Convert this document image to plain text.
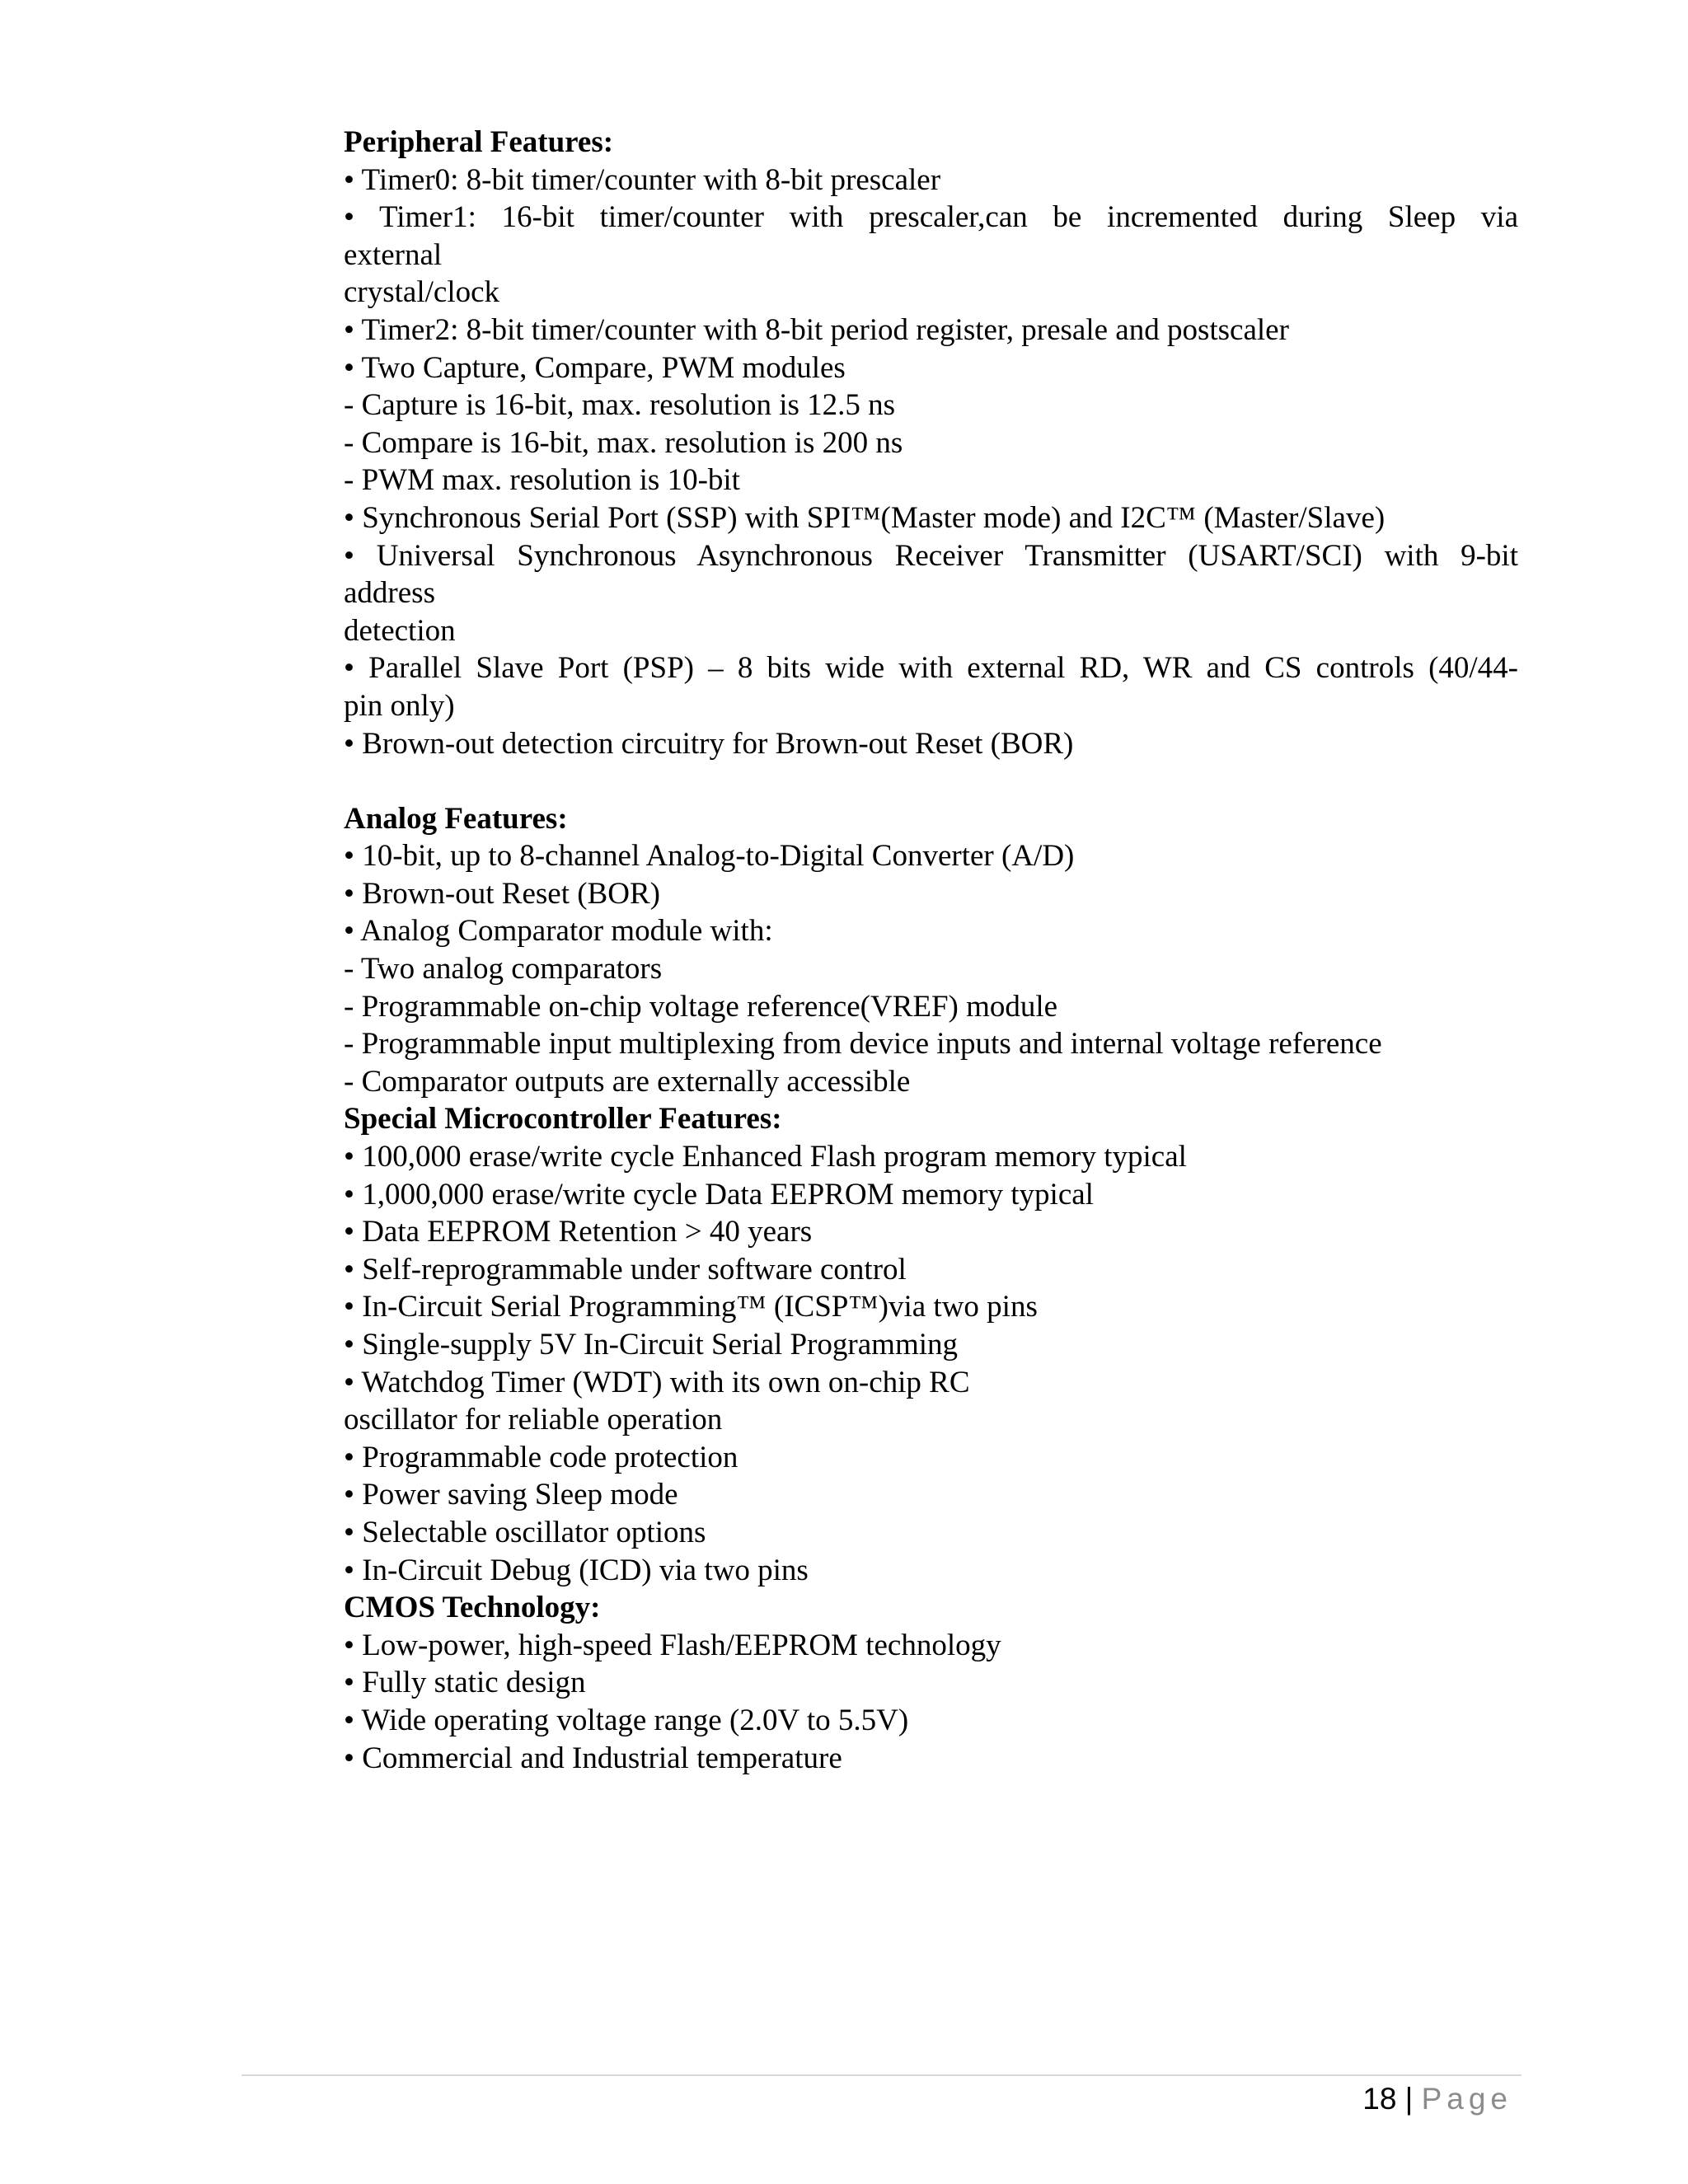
Peripheral Features:
• Timer0: 8-bit timer/counter with 8-bit prescaler
• Timer1: 16-bit timer/counter with prescaler,can be incremented during Sleep via
external
crystal/clock
• Timer2: 8-bit timer/counter with 8-bit period register, presale and postscaler
• Two Capture, Compare, PWM modules
- Capture is 16-bit, max. resolution is 12.5 ns
- Compare is 16-bit, max. resolution is 200 ns
- PWM max. resolution is 10-bit
• Synchronous Serial Port (SSP) with SPI™(Master mode) and I2C™ (Master/Slave)
• Universal Synchronous Asynchronous Receiver Transmitter (USART/SCI) with 9-bit
address
detection
• Parallel Slave Port (PSP) – 8 bits wide with external RD, WR and CS controls (40/44-
pin only)
• Brown-out detection circuitry for Brown-out Reset (BOR)
Analog Features:
• 10-bit, up to 8-channel Analog-to-Digital Converter (A/D)
• Brown-out Reset (BOR)
• Analog Comparator module with:
- Two analog comparators
- Programmable on-chip voltage reference(VREF) module
- Programmable input multiplexing from device inputs and internal voltage reference
- Comparator outputs are externally accessible
Special Microcontroller Features:
• 100,000 erase/write cycle Enhanced Flash program memory typical
• 1,000,000 erase/write cycle Data EEPROM memory typical
• Data EEPROM Retention > 40 years
• Self-reprogrammable under software control
• In-Circuit Serial Programming™ (ICSP™)via two pins
• Single-supply 5V In-Circuit Serial Programming
• Watchdog Timer (WDT) with its own on-chip RC
oscillator for reliable operation
• Programmable code protection
• Power saving Sleep mode
• Selectable oscillator options
• In-Circuit Debug (ICD) via two pins
CMOS Technology:
• Low-power, high-speed Flash/EEPROM technology
• Fully static design
• Wide operating voltage range (2.0V to 5.5V)
• Commercial and Industrial temperature
18 | Page
